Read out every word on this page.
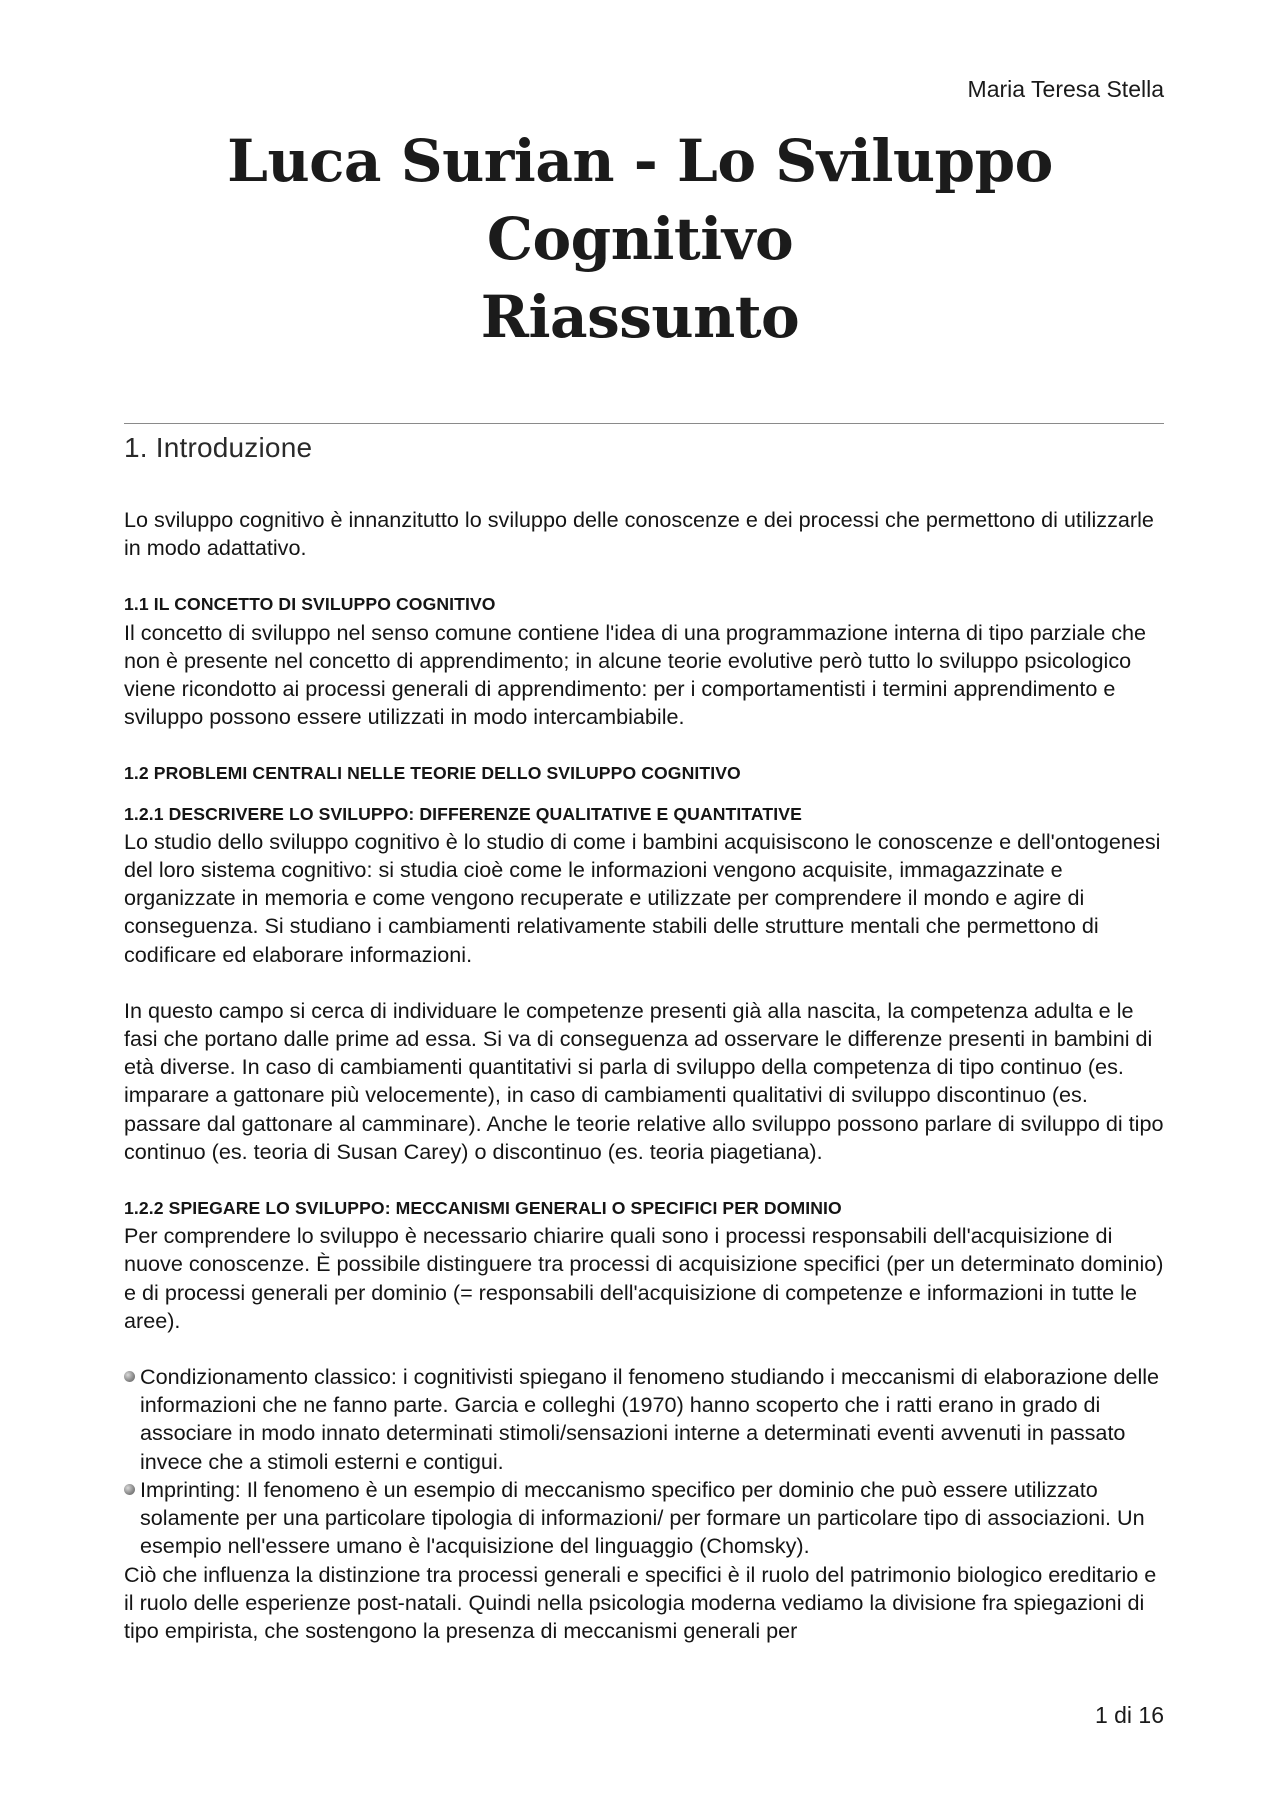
Maria Teresa Stella
Luca Surian - Lo Sviluppo
Cognitivo
Riassunto
1. Introduzione

Lo sviluppo cognitivo è innanzitutto lo sviluppo delle conoscenze e dei processi che permettono di utilizzarle in modo adattativo.

1.1 IL CONCETTO DI SVILUPPO COGNITIVO

Il concetto di sviluppo nel senso comune contiene l'idea di una programmazione interna di tipo parziale che non è presente nel concetto di apprendimento; in alcune teorie evolutive però tutto lo sviluppo psicologico viene ricondotto ai processi generali di apprendimento: per i comportamentisti i termini apprendimento e sviluppo possono essere utilizzati in modo intercambiabile.

1.2 PROBLEMI CENTRALI NELLE TEORIE DELLO SVILUPPO COGNITIVO

1.2.1 DESCRIVERE LO SVILUPPO: DIFFERENZE QUALITATIVE E QUANTITATIVE

Lo studio dello sviluppo cognitivo è lo studio di come i bambini acquisiscono le conoscenze e dell'ontogenesi del loro sistema cognitivo: si studia cioè come le informazioni vengono acquisite, immagazzinate e organizzate in memoria e come vengono recuperate e utilizzate per comprendere il mondo e agire di conseguenza. Si studiano i cambiamenti relativamente stabili delle strutture mentali che permettono di codificare ed elaborare informazioni.

In questo campo si cerca di individuare le competenze presenti già alla nascita, la competenza adulta e le fasi che portano dalle prime ad essa. Si va di conseguenza ad osservare le differenze presenti in bambini di età diverse. In caso di cambiamenti quantitativi si parla di sviluppo della competenza di tipo continuo (es. imparare a gattonare più velocemente), in caso di cambiamenti qualitativi di sviluppo discontinuo (es. passare dal gattonare al camminare). Anche le teorie relative allo sviluppo possono parlare di sviluppo di tipo continuo (es. teoria di Susan Carey) o discontinuo (es. teoria piagetiana).

1.2.2 SPIEGARE LO SVILUPPO: MECCANISMI GENERALI O SPECIFICI PER DOMINIO

Per comprendere lo sviluppo è necessario chiarire quali sono i processi responsabili dell'acquisizione di nuove conoscenze. È possibile distinguere tra processi di acquisizione specifici (per un determinato dominio) e di processi generali per dominio (= responsabili dell'acquisizione di competenze e informazioni in tutte le aree).

Condizionamento classico: i cognitivisti spiegano il fenomeno studiando i meccanismi di elaborazione delle informazioni che ne fanno parte. Garcia e colleghi (1970) hanno scoperto che i ratti erano in grado di associare in modo innato determinati stimoli/sensazioni interne a determinati eventi avvenuti in passato invece che a stimoli esterni e contigui.
Imprinting: Il fenomeno è un esempio di meccanismo specifico per dominio che può essere utilizzato solamente per una particolare tipologia di informazioni/ per formare un particolare tipo di associazioni. Un esempio nell'essere umano è l'acquisizione del linguaggio (Chomsky).

Ciò che influenza la distinzione tra processi generali e specifici è il ruolo del patrimonio biologico ereditario e il ruolo delle esperienze post-natali. Quindi nella psicologia moderna vediamo la divisione fra spiegazioni di tipo empirista, che sostengono la presenza di meccanismi generali per

1 di 16
